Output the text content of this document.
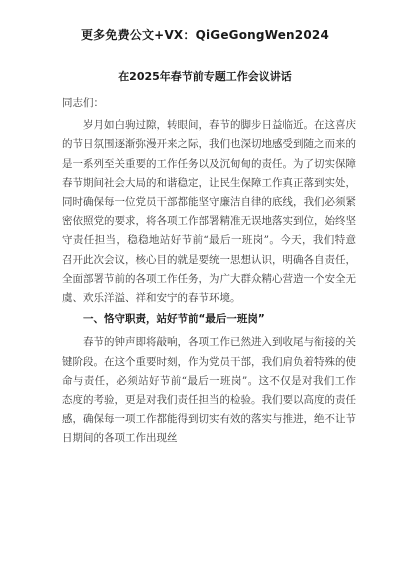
更多免费公文+VX：QiGeGongWen2024
在2025年春节前专题工作会议讲话

同志们：

岁月如白驹过隙，转眼间，春节的脚步日益临近。在这喜庆的节日氛围逐渐弥漫开来之际，我们也深切地感受到随之而来的是一系列至关重要的工作任务以及沉甸甸的责任。为了切实保障春节期间社会大局的和谐稳定，让民生保障工作真正落到实处，同时确保每一位党员干部都能坚守廉洁自律的底线，我们必须紧密依照党的要求，将各项工作部署精准无误地落实到位，始终坚守责任担当，稳稳地站好节前“最后一班岗”。今天，我们特意召开此次会议，核心目的就是要统一思想认识，明确各自责任，全面部署节前的各项工作任务，为广大群众精心营造一个安全无虞、欢乐洋溢、祥和安宁的春节环境。

一、恪守职责，站好节前“最后一班岗”

春节的钟声即将敲响，各项工作已然进入到收尾与衔接的关键阶段。在这个重要时刻，作为党员干部，我们肩负着特殊的使命与责任，必须站好节前“最后一班岗”。这不仅是对我们工作态度的考验，更是对我们责任担当的检验。我们要以高度的责任感，确保每一项工作都能得到切实有效的落实与推进，绝不让节日期间的各项工作出现丝
